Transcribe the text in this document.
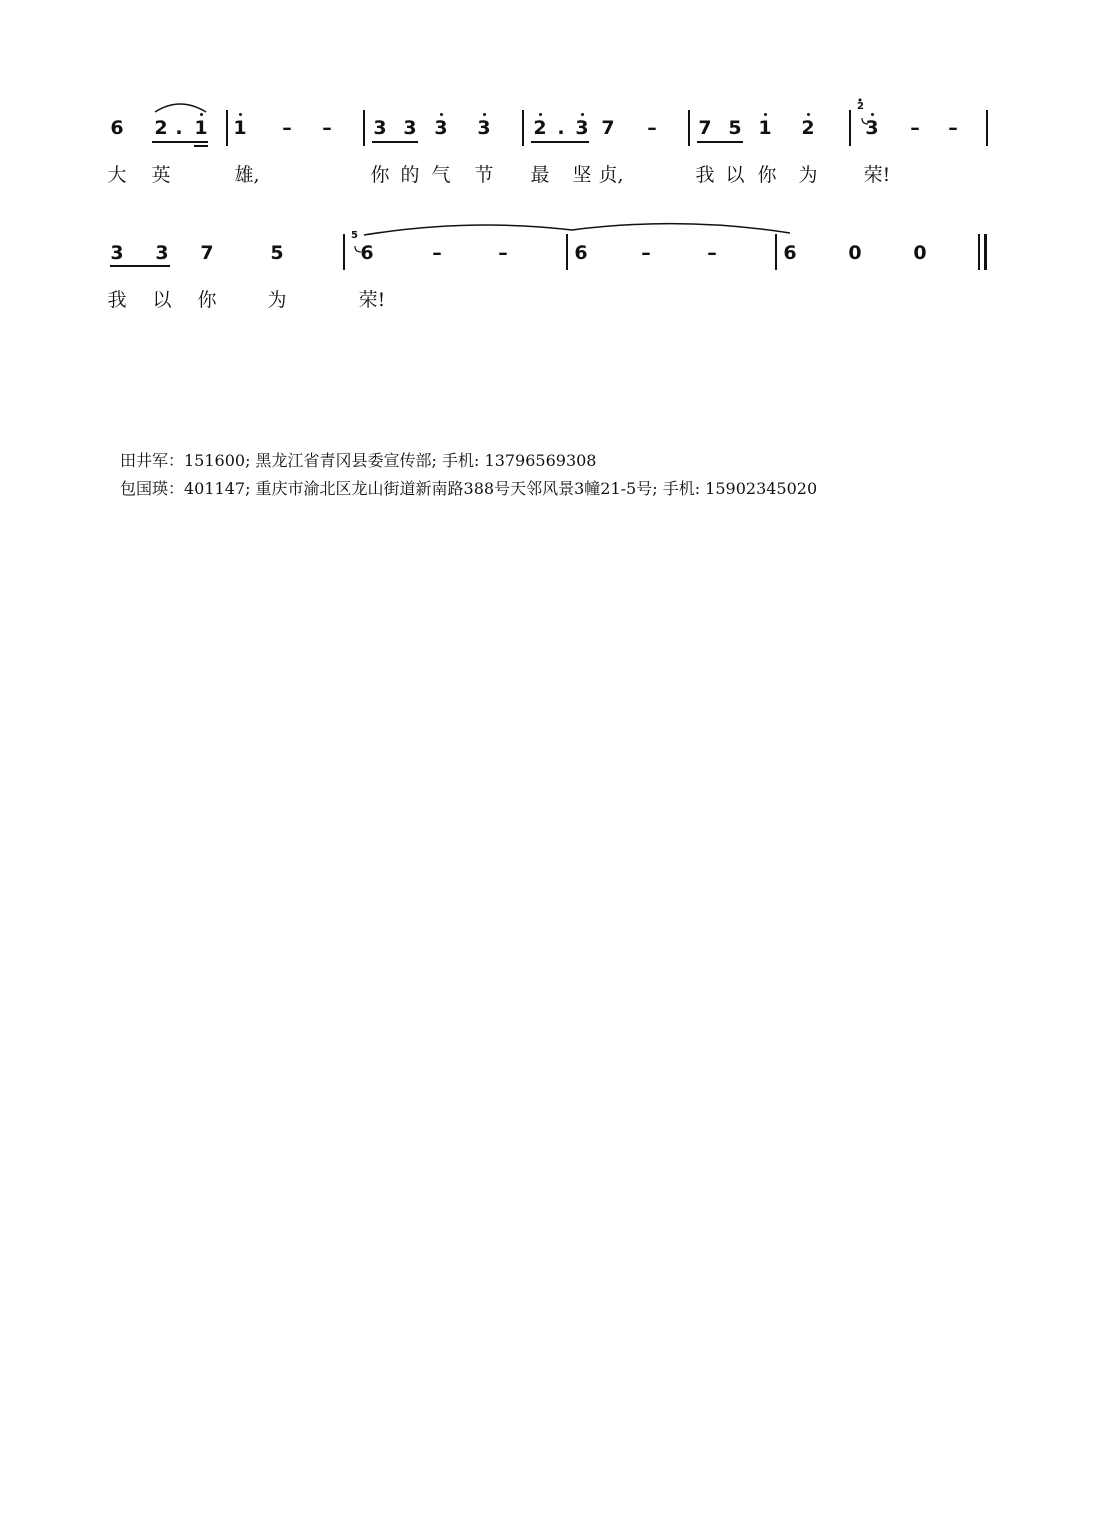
6 2 . 1 1 – – 3 3 3 3 2 . 3 7 – 7 5 1 2	3 – –
大 英	雄,	你 的 气 节 最 坚 贞,	我 以 你 为 荣!
3 3 7	5	6	–	–	6	–	–	6	0	0
我 以 你	为	荣!
2
5
田井军：151600; 黑龙江省青冈县委宣传部; 手机: 13796569308
包国瑛：401147; 重庆市渝北区龙山街道新南路388号天邻风景3幢21-5号; 手机: 15902345020
